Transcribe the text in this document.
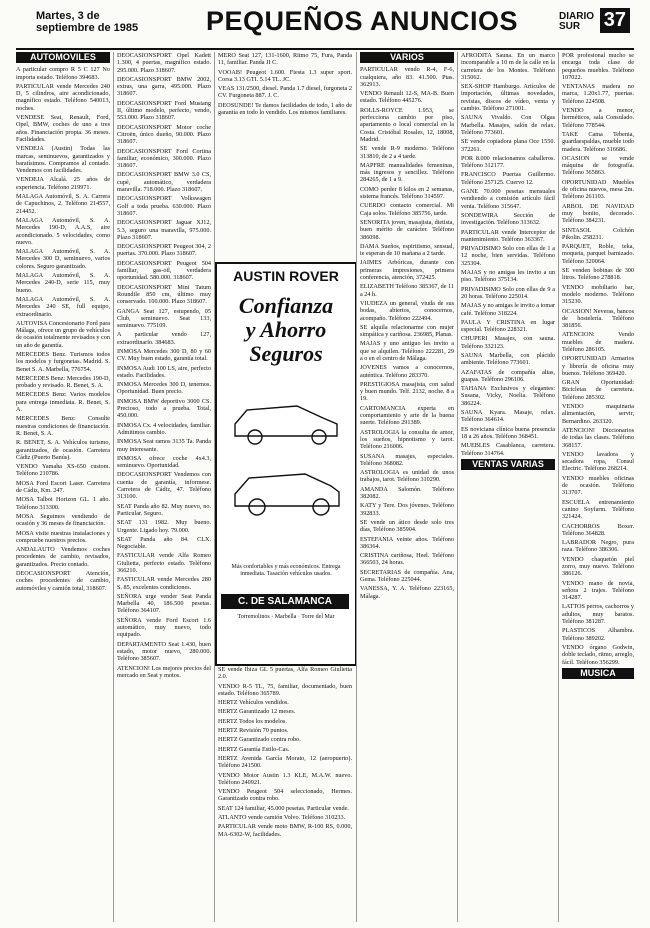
Martes, 3 de
septiembre de 1985	PEQUEÑOS ANUNCIOS	DIARIO
SUR	37
AUTOMOVILES

A particular compro R 5 C 127 No importa estado. Teléfono 394683.

PARTICULAR vende Mercedes 240 D, 5 cilindros, aire acondicionado, magnífico estado. Teléfono 540013, noches.

VENDESE Seat, Renault, Ford, Opel, BMW, coches de uno a tres años. Financiación propia. 36 meses. Facilidades.

VENDEJA (Austin) Todas las marcas, seminuevos, garantizados y baratísimos. Compramos al contado. Vendemos con facilidades.

VENDEJA Alcalá. 25 años de experiencia. Teléfono 219971.

MALAGA Automóvil, S. A. Carrera de Capuchinos, 2. Teléfono 214557, 214452.

MALAGA Automóvil, S. A. Mercedes 190-D, A.A.S, aire acondicionado. 5 velocidades, como nuevo.

MALAGA Automóvil, S. A. Mercedes 300 D, seminuevo, varios colores. Seguro garantizado.

MALAGA Automóvil, S. A. Mercedes 240-D, serie 115, muy bueno.

MALAGA Automóvil, S. A. Mercedes 240 SE, full equipo, extraordinario.

AUTOVISA Concesionario Ford para Málaga, ofrece un grupo de vehículos de ocasión totalmente revisados y con un año de garantía.

MERCEDES Benz. Turismos todos los modelos y furgonetas. Madrid. S. Benet S. A. Marbella, 776754.

MERCEDES Benz: Mercedes 190-D, probado y revisado. R. Benet, S. A.

MERCEDES Benz: Varios modelos para entrega inmediata. R. Benet, S. A.

MERCEDES Benz: Consulte nuestras condiciones de financiación. R. Benet, S. A.

R. BENET, S. A. Vehículos turismo, garantizados, de ocasión. Carretera Cádiz (Puerto Banús).

VENDO Yamaha XS-650 custom. Teléfono 210786.

MOSA Ford Escort Laser. Carretera de Cádiz, Km. 247.

MOSA Talbot Horizon GL. 1 año. Teléfono 313300.

MOSA Seguimos vendiendo de ocasión y 36 meses de financiación.

MOSA visite nuestras instalaciones y compruebe nuestros precios.

ANDALAUTO Vendemos coches procedentes de cambio, revisados, garantizados. Precio contado.

DEOCASIONSPORT Atención, coches procedentes de cambio, automóviles y camión total, 318607.

DEOCASIONSPORT Opel Kadett 1.300, 4 puertas, magnífico estado. 295.000. Plazo 318607.

DEOCASIONSPORT BMW 2002, extras, una garra, 495.000. Plazo 318607.

DEOCASIONSPORT Ford Mustang II, último modelo, perfecto, vendo, 553.000. Plazo 318607.

DEOCASIONSPORT Motor coche Citroën, único dueño, 90.000. Plazo 318607.

DEOCASIONSPORT Ford Cortina familiar, económico, 300.000. Plazo 318607.

DEOCASIONSPORT BMW 3.0 CS, cupé, automático, verdadera maravilla. 718.000. Plazo 318607.

DEOCASIONSPORT Volkswagen Golf a toda prueba. 630.000. Plazo 318607.

DEOCASIONSPORT Jaguar XJ12, 5.3, seguro una maravilla, 975.000. Plazo 318607.

DEOCASIONSPORT Peugeot 304, 2 puertas. 370.000. Plazo 318607.

DEOCASIONSPORT Peugeot 504 familiar, gas-oil, verdadera oportunidad. 580.000. 318607.

DEOCASIONSPORT Mini Tatum Roundile 850 cm, último muy conservado. 100.000. Plazo 318607.

GANGA Seat 127, estupendo, 05 Club, seminuevo. Seat 133, seminuevo. 775109.

A particular vendo 127, extraordinario. 384683.

INMOSA Mercedes 300 D, 80 y 60 CV. Muy buen estado, garantía total.

INMOSA Audi 100 LS, aire, perfecto estado. Facilidades.

INMOSA Mercedes 300 D, tenemos. Oportunidad. Buen precio.

INMOSA BMW deportivo 3000 CS. Precioso, todo a prueba. Total, 450.000.

INMOSA Cx. 4 velocidades, familiar. Admitimos cambio.

INMOSA Seat ramos 3135 Ta. Panda muy interesante.

INMOSA ofrece coche 4x4.3, seminuevo. Oportunidad.

DEOCASIONSPORT Vendemos con cuenta de garantía, informese. Carretera de Cádiz, 47. Teléfono 313100.

SEAT Panda año 82. Muy nuevo, no. Particular. Seguro.

SEAT 131 1982. Muy bueno. Urgente. Ligado hoy. 79.000.

SEAT Panda año 84. CLX. Negociable.

FASTICULAR vende Alfa Romeo Giulietta, perfecto estado. Teléfono 366210.

FASTICULAR vende Mercedes 280 S. 85, excelentes condiciones.

SEÑORA urge vender Seat Panda Marbella 40, 186.500 pesetas. Teléfono 364107.

SEÑORA vende Ford Escort 1.6 automático, muy nuevo, todo equipado.

DEPARTAMENTO Seat 1.430, buen estado, motor nuevo, 280.000. Teléfono 385607.

ATENCION! Los mejores precios del mercado en Seat y motos.

MERO Seat 127, 131-1600, Ritmo 75, Fura, Panda 11, familiar. Panda JI C.

VOOAB! Peugeot 1.600. Fiesta 1.3 super sport. Corsa 3.13 GTI. 5.14 TL. JC.

VEAS 131/2500, diesel. Panda 1.7 diesel, furgoneta 2 CV. Furgoneta 887. J. C.

DEOSUNDE! Te damos facilidades de todo, 1 año de garantía en todo lo vendido. Los mismos familiares.

AUSTIN ROVER
Confianza
y Ahorro
Seguros
Más confortables y más económicos. Entrega inmediata. Tasación vehículos usados.
C. DE SALAMANCA
Torremolinos · Marbella · Torre del Mar

SE vende Ibiza GL 5 puertas, Alfa Romeo Giulietta 2.0.

VENDO R-5 TL, 75, familiar, documentado, buen estado. Teléfono 365789.

HERTZ Vehículos vendidos.

HERTZ Garantizado 12 meses.

HERTZ Todos los modelos.

HERTZ Revisión 70 puntos.

HERTZ Garantizado contra robo.

HERTZ Garantía Estilo-Cas.

HERTZ Avenida García Morato, 12 (aeropuerto). Teléfono 241500.

VENDO Motor Austin 1.3 KLE, M.A.W. nuevo. Teléfono 240921.

VENDO Peugeot 504 seleccionado, Hermes. Garantizado contra robo.

SEAT 124 familiar, 45.000 pesetas. Particular vende.

ATLANTO vende camión Volvo. Teléfono 310233.

PARTICULAR vende moto BMW, R-100 RS, 0.000, MA-6302-W, facilidades.

VARIOS

PARTICULAR vendo R-4, F-6, cualquiera, año 83. 41.500. Ptas. 362913.

VENDO Renault 12-S, MA-B. Buen estado. Teléfono 445276.

ROLLS-ROYCE 1.953, se perfecciona cambio por piso, apartamento o local comercial en la Costa. Cristóbal Rosales, 12, 18008, Madrid.

SE vende R-9 moderno. Teléfono 313810, de 2 a 4 tarde.

MAPFRE manualidades femeninas, más ingresos y sencillez. Teléfono 284265, de 1 a 9.

COMO perder 8 kilos en 2 semanas, sistema francés. Teléfono 314597.

CUERDO contacto comercial. Mi Caja solos. Teléfono 385756, tarde.

SENORITA joven, masajista, dietista, buen mérito de carácter. Teléfono 386098.

DAMA Sueños, espiritismo, sensual, te esperan de 10 mañana a 2 tarde.

JAIMES Arbóricas, durante con primeras impresiones, primera conferencia, atención, 372425.

ELIZABETH Teléfono 385367, de 11 a 24 h.

VIUDEZA un general, viuda de sus bodas, abiertos, conocernos, acompaño. Teléfono 222494.

SE alquila relacionarme con mujer simpática y cariñosa. 236985, Planas.

MAJAS y uno antiguo les invito a que se alquilen. Teléfono 222281, 29 a o en el centro de Málaga.

JOVENES vamos a conocernos, auténtica. Teléfono 283370.

PRESTIGIOSA masajista, con salud y buen mundo. Telf. 2132, noche. 8 a 19.

CARTOMANCIA experta en comportamiento y arte de la buena suerte. Teléfono 291389.

ASTROLOGIA la consulta de amor, los sueños, hipnotismo y tarot. Teléfono 216006.

SUSANA masajes, especiales. Teléfono 368082.

ASTROLOGIA es unidad de unos trabajos, tarot. Teléfono 310290.

AMANDA Salomón. Teléfono 382082.

KATY y Tere. Dos jóvenes. Teléfono 392833.

SE vende un ático desde solo tres días, Teléfono 385904.

ESTEFANIA veinte años. Teléfono 386364.

CRISTINA cariñosa, Heel. Teléfono 366503, 24 horas.

SECRETARIAS de compañía. Ana, Gema. Teléfono 225044.

VANESSA, Y. A. Teléfono 223165, Málaga.

AFRODITA Sauna. En un marco incomparable a 10 m de la calle en la carretera de los Montes. Teléfono 315062.

SEX-SHOP Hamburgo. Artículos de importación, últimas novedades, revistas, discos de vídeo, venta y cambio. Teléfono 271001.

SAUNA Vivaldo. Con Olgas Marbella. Masajes, salón de relax. Teléfono 773601.

SE vende copiadora plana Oce 1550. 372261.

POR 8.000 relacionamos caballeros. Teléfono 312177.

FRANCISCO Puertas Guillermo. Teléfono 257125. Cuervo 12.

GANE 70.000 pesetas mensuales vendiendo a comisión artículo fácil venta. Teléfono 315647.

SONDEWIRA Sección de investigación. Teléfono 313632.

PARTICULAR vende Interceptor de mantenimiento. Teléfono 363367.

PRIVADISIMO Solo con ellas de 1 a 12 noche, bien servidas. Teléfono 325304.

MAJAS y no amigas les invito a un piso. Teléfono 375134.

PRIVADISIMO Solo con ellas de 9 a 20 horas. Teléfono 225014.

MAJAS y no amigas le invito a tomar café. Teléfono 318224.

PAULA Y CRISTINA en lugar especial. Teléfono 228321.

CHUPERI Masajes, con sauna. Teléfono 332123.

SAUNA Marbella, con plácido ambiente. Teléfono 773601.

AZAFATAS de compañía altas, guapas. Teléfono 296106.

TAHANA Exclusivos y elegantes: Susana, Vicky, Noelia. Teléfono 386224.

SAUNA Kyara. Masaje, relax. Teléfono 364614.

ES noviciana clínica buena presencia 18 a 26 años. Teléfono 368451.

MUEBLES Casablanca, carretera. Teléfono 314764.

VENTAS VARIAS

POR profesional mucho se encarga toda clase de pequeños muebles. Teléfono 107022.

VENTANAS madera no marca, 1.20x1.77, puertas. Teléfono 224508.

VENDO a menor, herméticos, sala Consulado. Teléfono 778544.

TAKE Cama Tebenia, guardaespaldas, mueble todo madera. Teléfono 316686.

OCASION se vende máquina de fotografía. Teléfono 365863.

OPORTUNIDAD Muebles de oficina nuevos, mesa 2m. Teléfono 261103.

ARBOL DE NAVIDAD muy bonito, decorado. Teléfono 384231.

SINTASOL Colchón Pikolin. 258231.

PARQUET, Roble, teka, moqueta, parquet barnizado. Teléfono 320064.

SE venden bobinas de 300 litros. Teléfono 278818.

VENDO mobiliario bar, modelo moderno. Teléfono 315230.

OCASION! Neveras, bancos de hostelería. Teléfono 381856.

ATENCION: Vendo muebles de madera. Teléfono 286105.

OPORTUNIDAD Armarios y librería de oficina muy buenos. Teléfono 369420.

GRAN Oportunidad: Bicicletas de carretera. Teléfono 285302.

VENDO maquinaria alimentación, servir, Bernardino. 263320.

ATENCION! Diccionarios de todas las clases. Teléfono 368157.

VENDO lavadora y secadora ropa, Consul Electric. Teléfono 268214.

VENDO muebles oficinas de ocasión. Teléfono 313707.

ESCUELA entrenamiento canino Soyfarm. Teléfono 321424.

CACHORROS Boxer. Teléfono 364828.

LABRADOR Negro, pura raza. Teléfono 386306.

VENDO chaquetón piel zorro, muy nuevo. Teléfono 386126.

VENDO mano de novia, señora 2 trajes. Teléfono 314287.

LATTOS perros, cachorros y adultos, muy baratos. Teléfono 381287.

PLASTICOS Alhambra. Teléfono 389202.

VENDO órgano Godwin, doble teclado, ritmo, arreglo, fácil. Teléfono 356299.

MUSICA
